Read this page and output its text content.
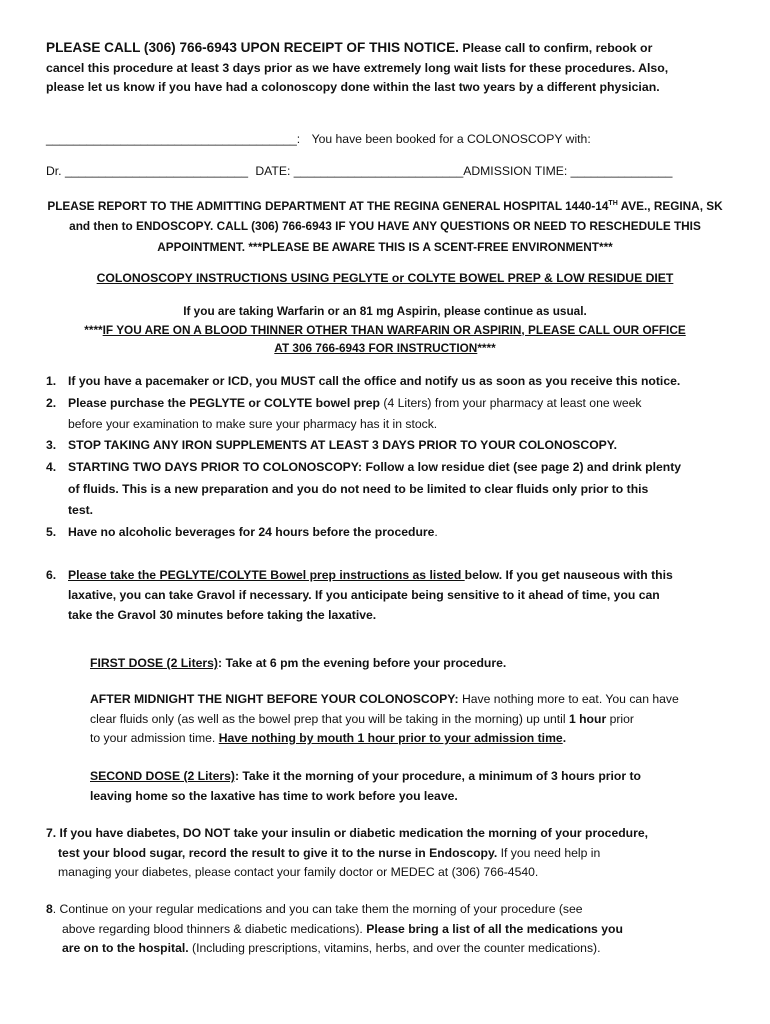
PLEASE CALL (306) 766-6943 UPON RECEIPT OF THIS NOTICE. Please call to confirm, rebook or
cancel this procedure at least 3 days prior as we have extremely long wait lists for these procedures. Also,
please let us know if you have had a colonoscopy done within the last two years by a different physician.
_____________________________________: You have been booked for a COLONOSCOPY with:
Dr. ___________________________ DATE: _________________________ADMISSION TIME: _______________
PLEASE REPORT TO THE ADMITTING DEPARTMENT AT THE REGINA GENERAL HOSPITAL 1440-14TH AVE., REGINA, SK
and then to ENDOSCOPY. CALL (306) 766-6943 IF YOU HAVE ANY QUESTIONS OR NEED TO RESCHEDULE THIS
APPOINTMENT. ***PLEASE BE AWARE THIS IS A SCENT-FREE ENVIRONMENT***
COLONOSCOPY INSTRUCTIONS USING PEGLYTE or COLYTE BOWEL PREP & LOW RESIDUE DIET
If you are taking Warfarin or an 81 mg Aspirin, please continue as usual.
****IF YOU ARE ON A BLOOD THINNER OTHER THAN WARFARIN OR ASPIRIN, PLEASE CALL OUR OFFICE
AT 306 766-6943 FOR INSTRUCTION****
1. If you have a pacemaker or ICD, you MUST call the office and notify us as soon as you receive this notice.
2. Please purchase the PEGLYTE or COLYTE bowel prep (4 Liters) from your pharmacy at least one week
before your examination to make sure your pharmacy has it in stock.
3. STOP TAKING ANY IRON SUPPLEMENTS AT LEAST 3 DAYS PRIOR TO YOUR COLONOSCOPY.
4. STARTING TWO DAYS PRIOR TO COLONOSCOPY: Follow a low residue diet (see page 2) and drink plenty
of fluids. This is a new preparation and you do not need to be limited to clear fluids only prior to this
test.
5. Have no alcoholic beverages for 24 hours before the procedure.
6. Please take the PEGLYTE/COLYTE Bowel prep instructions as listed below. If you get nauseous with this
laxative, you can take Gravol if necessary. If you anticipate being sensitive to it ahead of time, you can
take the Gravol 30 minutes before taking the laxative.
FIRST DOSE (2 Liters): Take at 6 pm the evening before your procedure.
AFTER MIDNIGHT THE NIGHT BEFORE YOUR COLONOSCOPY: Have nothing more to eat. You can have
clear fluids only (as well as the bowel prep that you will be taking in the morning) up until 1 hour prior
to your admission time. Have nothing by mouth 1 hour prior to your admission time.
SECOND DOSE (2 Liters): Take it the morning of your procedure, a minimum of 3 hours prior to
leaving home so the laxative has time to work before you leave.
7. If you have diabetes, DO NOT take your insulin or diabetic medication the morning of your procedure,
test your blood sugar, record the result to give it to the nurse in Endoscopy. If you need help in
managing your diabetes, please contact your family doctor or MEDEC at (306) 766-4540.
8. Continue on your regular medications and you can take them the morning of your procedure (see
above regarding blood thinners & diabetic medications). Please bring a list of all the medications you
are on to the hospital. (Including prescriptions, vitamins, herbs, and over the counter medications).
